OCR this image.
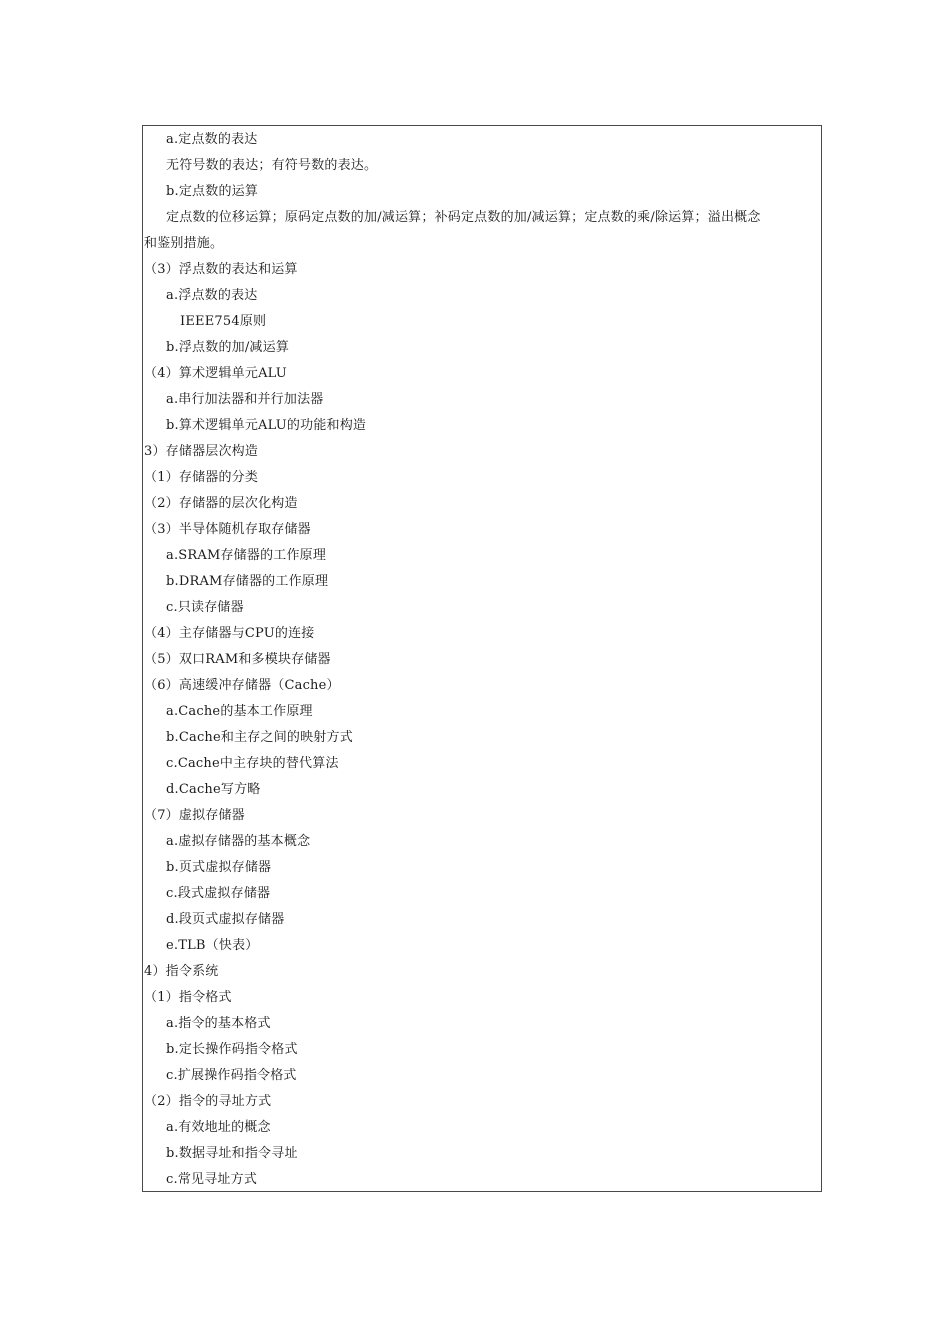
a.定点数的表达
无符号数的表达；有符号数的表达。
b.定点数的运算
定点数的位移运算；原码定点数的加/减运算；补码定点数的加/减运算；定点数的乘/除运算；溢出概念
和鉴别措施。
（3）浮点数的表达和运算
a.浮点数的表达
IEEE754原则
b.浮点数的加/减运算
（4）算术逻辑单元ALU
a.串行加法器和并行加法器
b.算术逻辑单元ALU的功能和构造
3）存储器层次构造
（1）存储器的分类
（2）存储器的层次化构造
（3）半导体随机存取存储器
a.SRAM存储器的工作原理
b.DRAM存储器的工作原理
c.只读存储器
（4）主存储器与CPU的连接
（5）双口RAM和多模块存储器
（6）高速缓冲存储器（Cache）
a.Cache的基本工作原理
b.Cache和主存之间的映射方式
c.Cache中主存块的替代算法
d.Cache写方略
（7）虚拟存储器
a.虚拟存储器的基本概念
b.页式虚拟存储器
c.段式虚拟存储器
d.段页式虚拟存储器
e.TLB（快表）
4）指令系统
（1）指令格式
a.指令的基本格式
b.定长操作码指令格式
c.扩展操作码指令格式
（2）指令的寻址方式
a.有效地址的概念
b.数据寻址和指令寻址
c.常见寻址方式
